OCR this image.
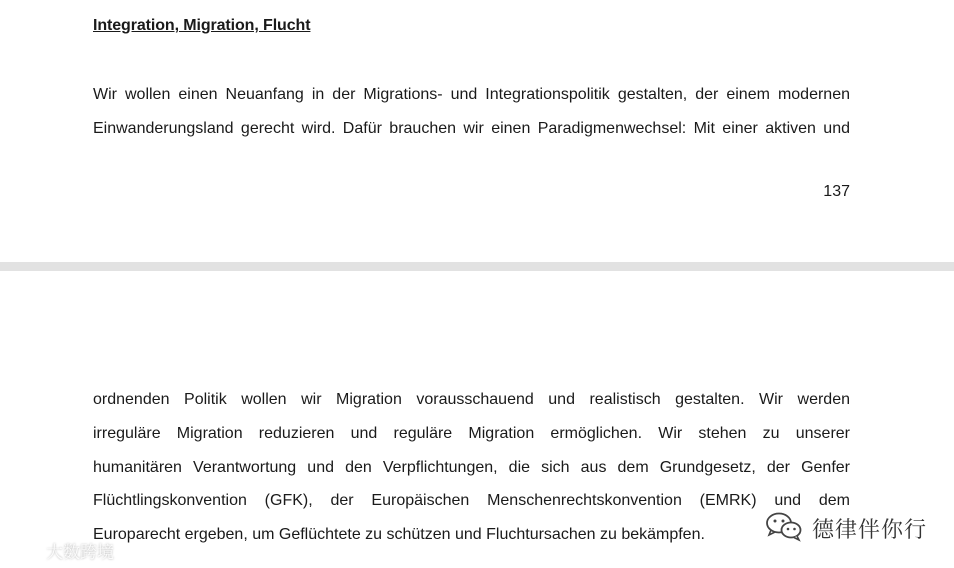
Integration, Migration, Flucht

Wir wollen einen Neuanfang in der Migrations- und Integrationspolitik gestalten, der einem modernen

Einwanderungsland gerecht wird. Dafür brauchen wir einen Paradigmenwechsel: Mit einer aktiven und

137

ordnenden Politik wollen wir Migration vorausschauend und realistisch gestalten. Wir werden

irreguläre Migration reduzieren und reguläre Migration ermöglichen. Wir stehen zu unserer

humanitären Verantwortung und den Verpflichtungen, die sich aus dem Grundgesetz, der Genfer

Flüchtlingskonvention (GFK), der Europäischen Menschenrechtskonvention (EMRK) und dem

Europarecht ergeben, um Geflüchtete zu schützen und Fluchtursachen zu bekämpfen.

大数跨境
德律伴你行
